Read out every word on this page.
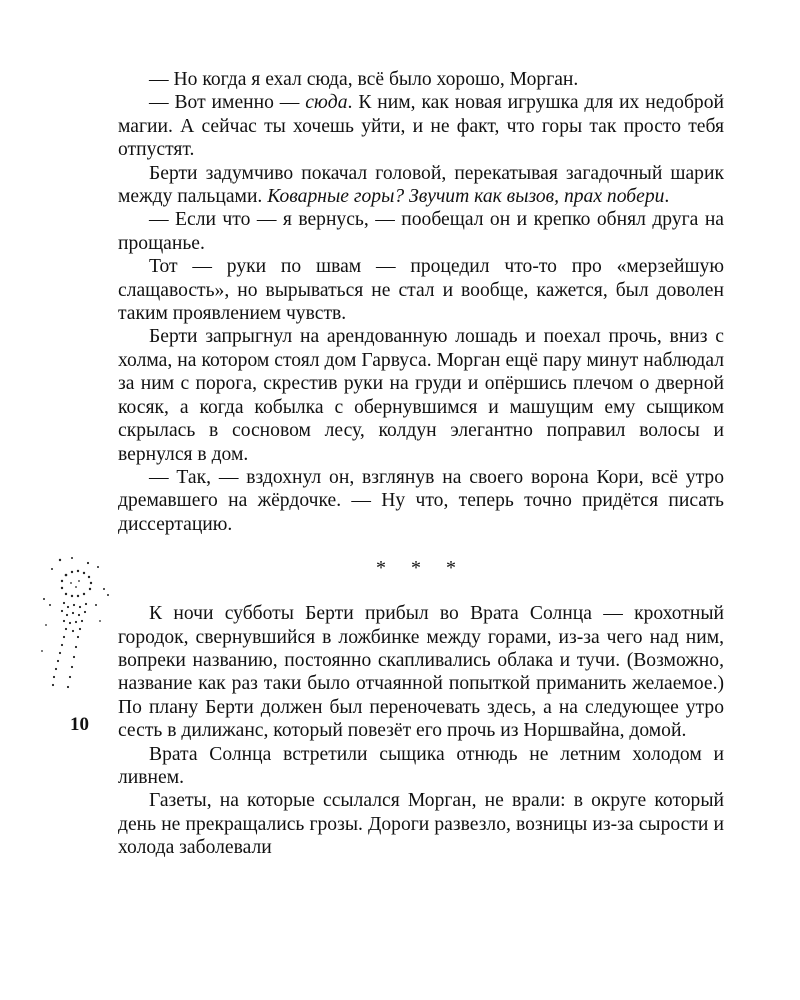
— Но когда я ехал сюда, всё было хорошо, Морган.

— Вот именно — сюда. К ним, как новая игрушка для их недоброй магии. А сейчас ты хочешь уйти, и не факт, что горы так просто тебя отпустят.

Берти задумчиво покачал головой, перекатывая загадочный шарик между пальцами. Коварные горы? Звучит как вызов, прах побери.

— Если что — я вернусь, — пообещал он и крепко обнял друга на прощанье.

Тот — руки по швам — процедил что-то про «мерзейшую слащавость», но вырываться не стал и вообще, кажется, был доволен таким проявлением чувств.

Берти запрыгнул на арендованную лошадь и поехал прочь, вниз с холма, на котором стоял дом Гарвуса. Морган ещё пару минут наблюдал за ним с порога, скрестив руки на груди и опёршись плечом о дверной косяк, а когда кобылка с обернувшимся и машущим ему сыщиком скрылась в сосновом лесу, колдун элегантно поправил волосы и вернулся в дом.

— Так, — вздохнул он, взглянув на своего ворона Кори, всё утро дремавшего на жёрдочке. — Ну что, теперь точно придётся писать диссертацию.

* * *

К ночи субботы Берти прибыл во Врата Солнца — крохотный городок, свернувшийся в ложбинке между горами, из-за чего над ним, вопреки названию, постоянно скапливались облака и тучи. (Возможно, название как раз таки было отчаянной попыткой приманить желаемое.) По плану Берти должен был переночевать здесь, а на следующее утро сесть в дилижанс, который повезёт его прочь из Норшвайна, домой.

Врата Солнца встретили сыщика отнюдь не летним холодом и ливнем.

Газеты, на которые ссылался Морган, не врали: в округе который день не прекращались грозы. Дороги развезло, возницы из-за сырости и холода заболевали

10
